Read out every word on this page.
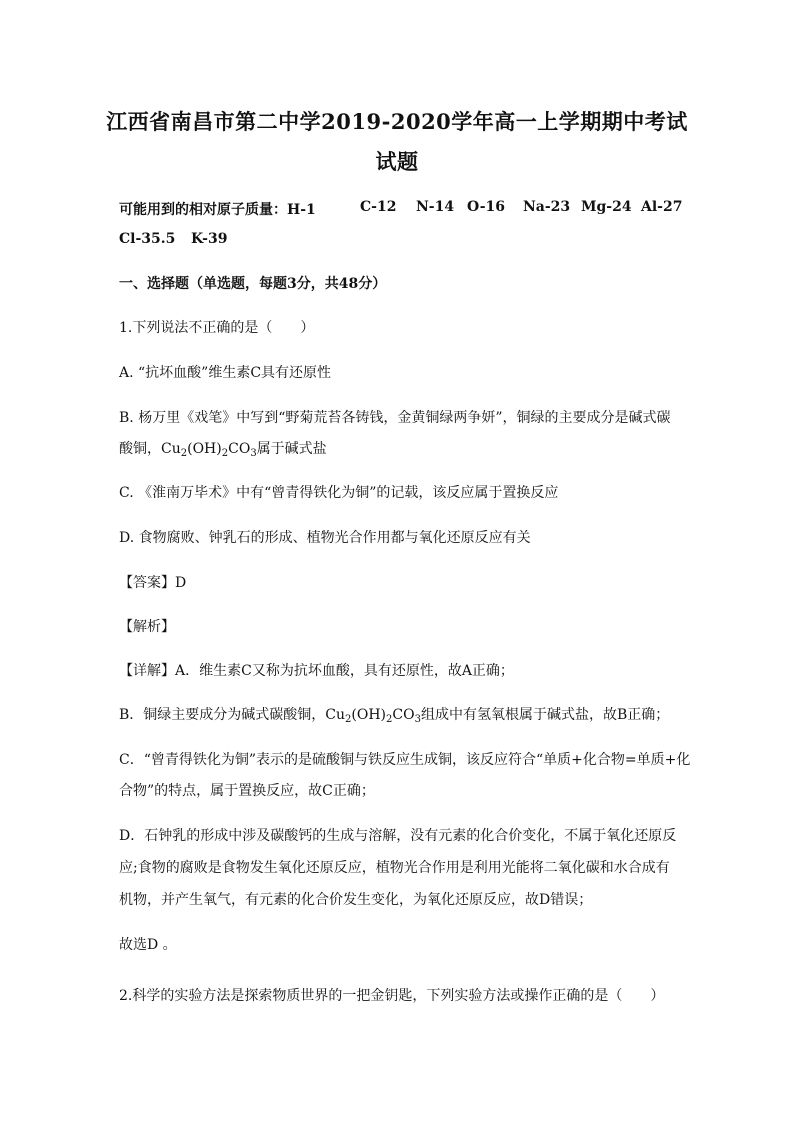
江西省南昌市第二中学2019-2020学年高一上学期期中考试
试题
可能用到的相对原子质量：H-1	C-12 N-14 O-16 Na-23 Mg-24 Al-27
Cl-35.5 K-39
一、选择题（单选题，每题3分，共48分）
1.下列说法不正确的是（　　）
A. “抗坏血酸”维生素C具有还原性
B. 杨万里《戏笔》中写到“野菊荒苔各铸钱，金黄铜绿两争妍”，铜绿的主要成分是碱式碳
酸铜，$Cu_2(OH)_2CO_3$属于碱式盐
C. 《淮南万毕术》中有“曾青得铁化为铜”的记载，该反应属于置换反应
D. 食物腐败、钟乳石的形成、植物光合作用都与氧化还原反应有关
【答案】D
【解析】
【详解】A．维生素C又称为抗坏血酸，具有还原性，故A正确；
B．铜绿主要成分为碱式碳酸铜，$Cu_2(OH)_2CO_3$组成中有氢氧根属于碱式盐，故B正确；
C．“曾青得铁化为铜”表示的是硫酸铜与铁反应生成铜，该反应符合“单质+化合物=单质+化
合物”的特点，属于置换反应，故C正确；
D．石钟乳的形成中涉及碳酸钙的生成与溶解，没有元素的化合价变化，不属于氧化还原反
应;食物的腐败是食物发生氧化还原反应，植物光合作用是利用光能将二氧化碳和水合成有
机物，并产生氧气，有元素的化合价发生变化，为氧化还原反应，故D错误；
故选D 。
2.科学的实验方法是探索物质世界的一把金钥匙，下列实验方法或操作正确的是（　　）
